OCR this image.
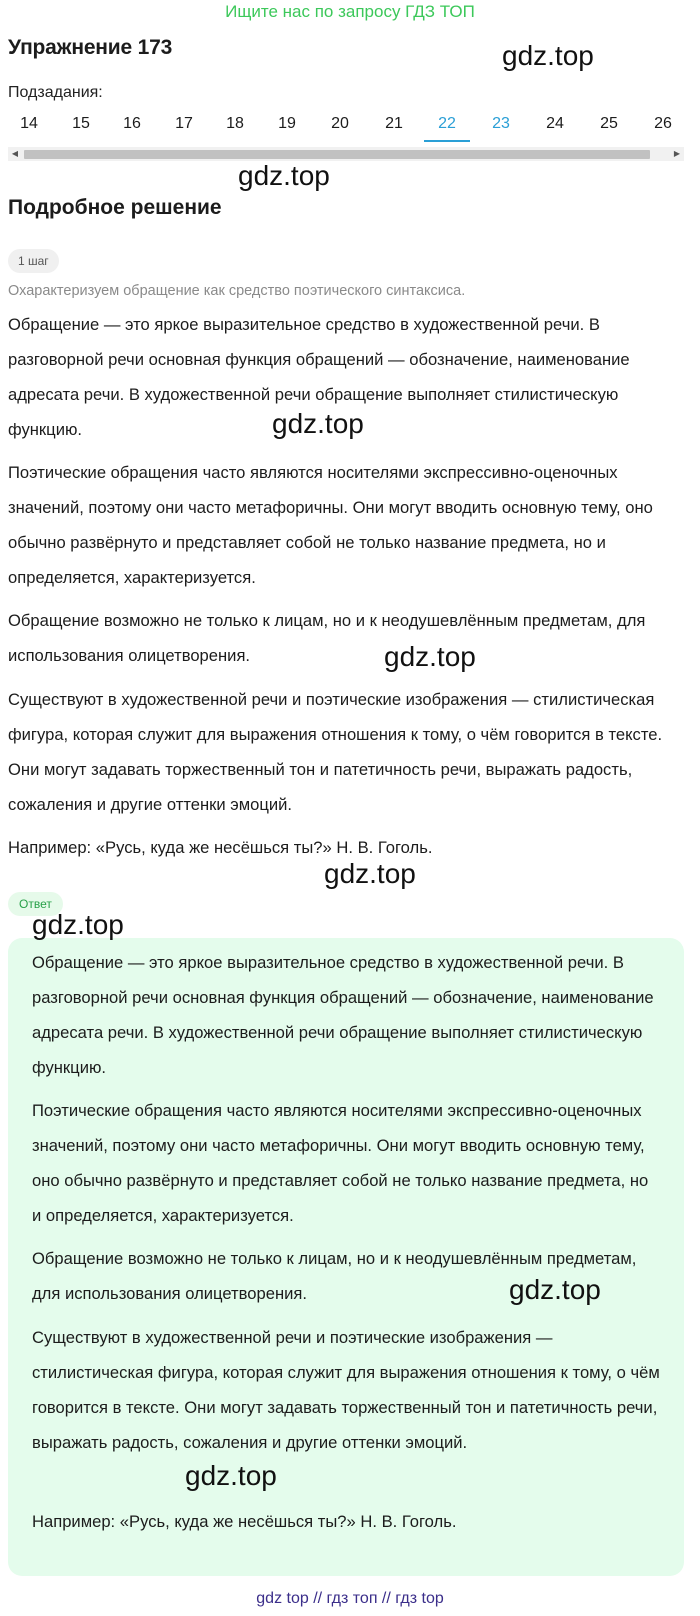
Ищите нас по запросу ГДЗ ТОП
Упражнение 173	gdz.top
Подзадания:
14	15	16	17	18	19	20	21	22	23	24	25	26
◀	▶
gdz.top
Подробное решение
1 шаг
Охарактеризуем обращение как средство поэтического синтаксиса.
Обращение — это яркое выразительное средство в художественной речи. В разговорной речи основная функция обращений — обозначение, наименование адресата речи. В художественной речи обращение выполняет стилистическую функцию.	gdz.top
Поэтические обращения часто являются носителями экспрессивно-оценочных значений, поэтому они часто метафоричны. Они могут вводить основную тему, оно обычно развёрнуто и представляет собой не только название предмета, но и определяется, характеризуется.
Обращение возможно не только к лицам, но и к неодушевлённым предметам, для использования олицетворения.	gdz.top
Существуют в художественной речи и поэтические изображения — стилистическая фигура, которая служит для выражения отношения к тому, о чём говорится в тексте. Они могут задавать торжественный тон и патетичность речи, выражать радость, сожаления и другие оттенки эмоций.
Например: «Русь, куда же несёшься ты?» Н. В. Гоголь.
gdz.top
Ответ
gdz.top
Обращение — это яркое выразительное средство в художественной речи. В разговорной речи основная функция обращений — обозначение, наименование адресата речи. В художественной речи обращение выполняет стилистическую функцию.
Поэтические обращения часто являются носителями экспрессивно-оценочных значений, поэтому они часто метафоричны. Они могут вводить основную тему, оно обычно развёрнуто и представляет собой не только название предмета, но и определяется, характеризуется.
Обращение возможно не только к лицам, но и к неодушевлённым предметам, для использования олицетворения.	gdz.top
Существуют в художественной речи и поэтические изображения — стилистическая фигура, которая служит для выражения отношения к тому, о чём говорится в тексте. Они могут задавать торжественный тон и патетичность речи, выражать радость, сожаления и другие оттенки эмоций.
gdz.top
Например: «Русь, куда же несёшься ты?» Н. В. Гоголь.
gdz top // гдз топ // гдз top
